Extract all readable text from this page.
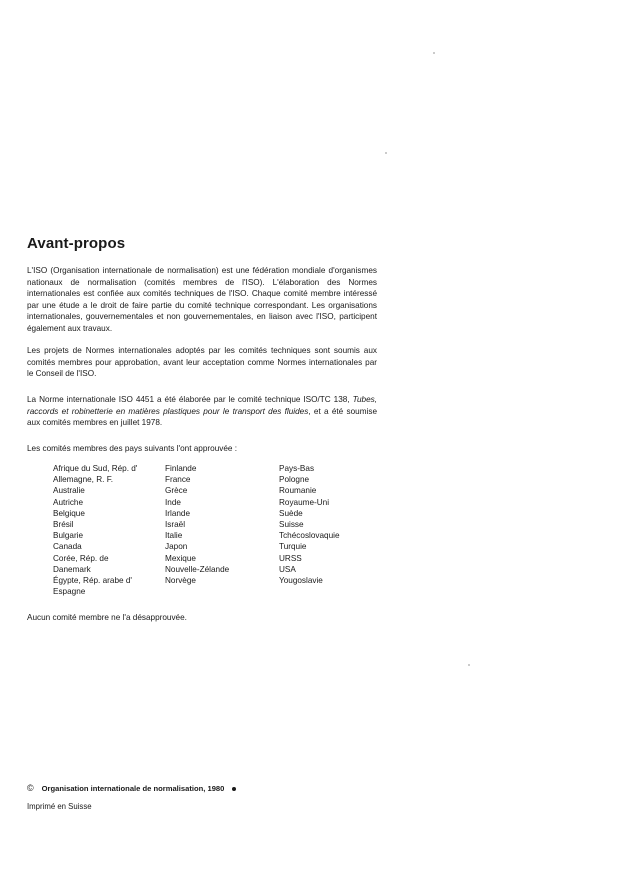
Avant-propos

L'ISO (Organisation internationale de normalisation) est une fédération mondiale d'organismes nationaux de normalisation (comités membres de l'ISO). L'élaboration des Normes internationales est confiée aux comités techniques de l'ISO. Chaque comité membre intéressé par une étude a le droit de faire partie du comité technique correspondant. Les organisations internationales, gouvernementales et non gouvernementales, en liaison avec l'ISO, participent également aux travaux.

Les projets de Normes internationales adoptés par les comités techniques sont soumis aux comités membres pour approbation, avant leur acceptation comme Normes internationales par le Conseil de l'ISO.

La Norme internationale ISO 4451 a été élaborée par le comité technique ISO/TC 138, Tubes, raccords et robinetterie en matières plastiques pour le transport des fluides, et a été soumise aux comités membres en juillet 1978.

Les comités membres des pays suivants l'ont approuvée :

Afrique du Sud, Rép. d'
Allemagne, R. F.
Australie
Autriche
Belgique
Brésil
Bulgarie
Canada
Corée, Rép. de
Danemark
Égypte, Rép. arabe d'
Espagne
Finlande
France
Grèce
Inde
Irlande
Israël
Italie
Japon
Mexique
Nouvelle-Zélande
Norvège
Pays-Bas
Pologne
Roumanie
Royaume-Uni
Suède
Suisse
Tchécoslovaquie
Turquie
URSS
USA
Yougoslavie

Aucun comité membre ne l'a désapprouvée.

© Organisation internationale de normalisation, 1980

Imprimé en Suisse
